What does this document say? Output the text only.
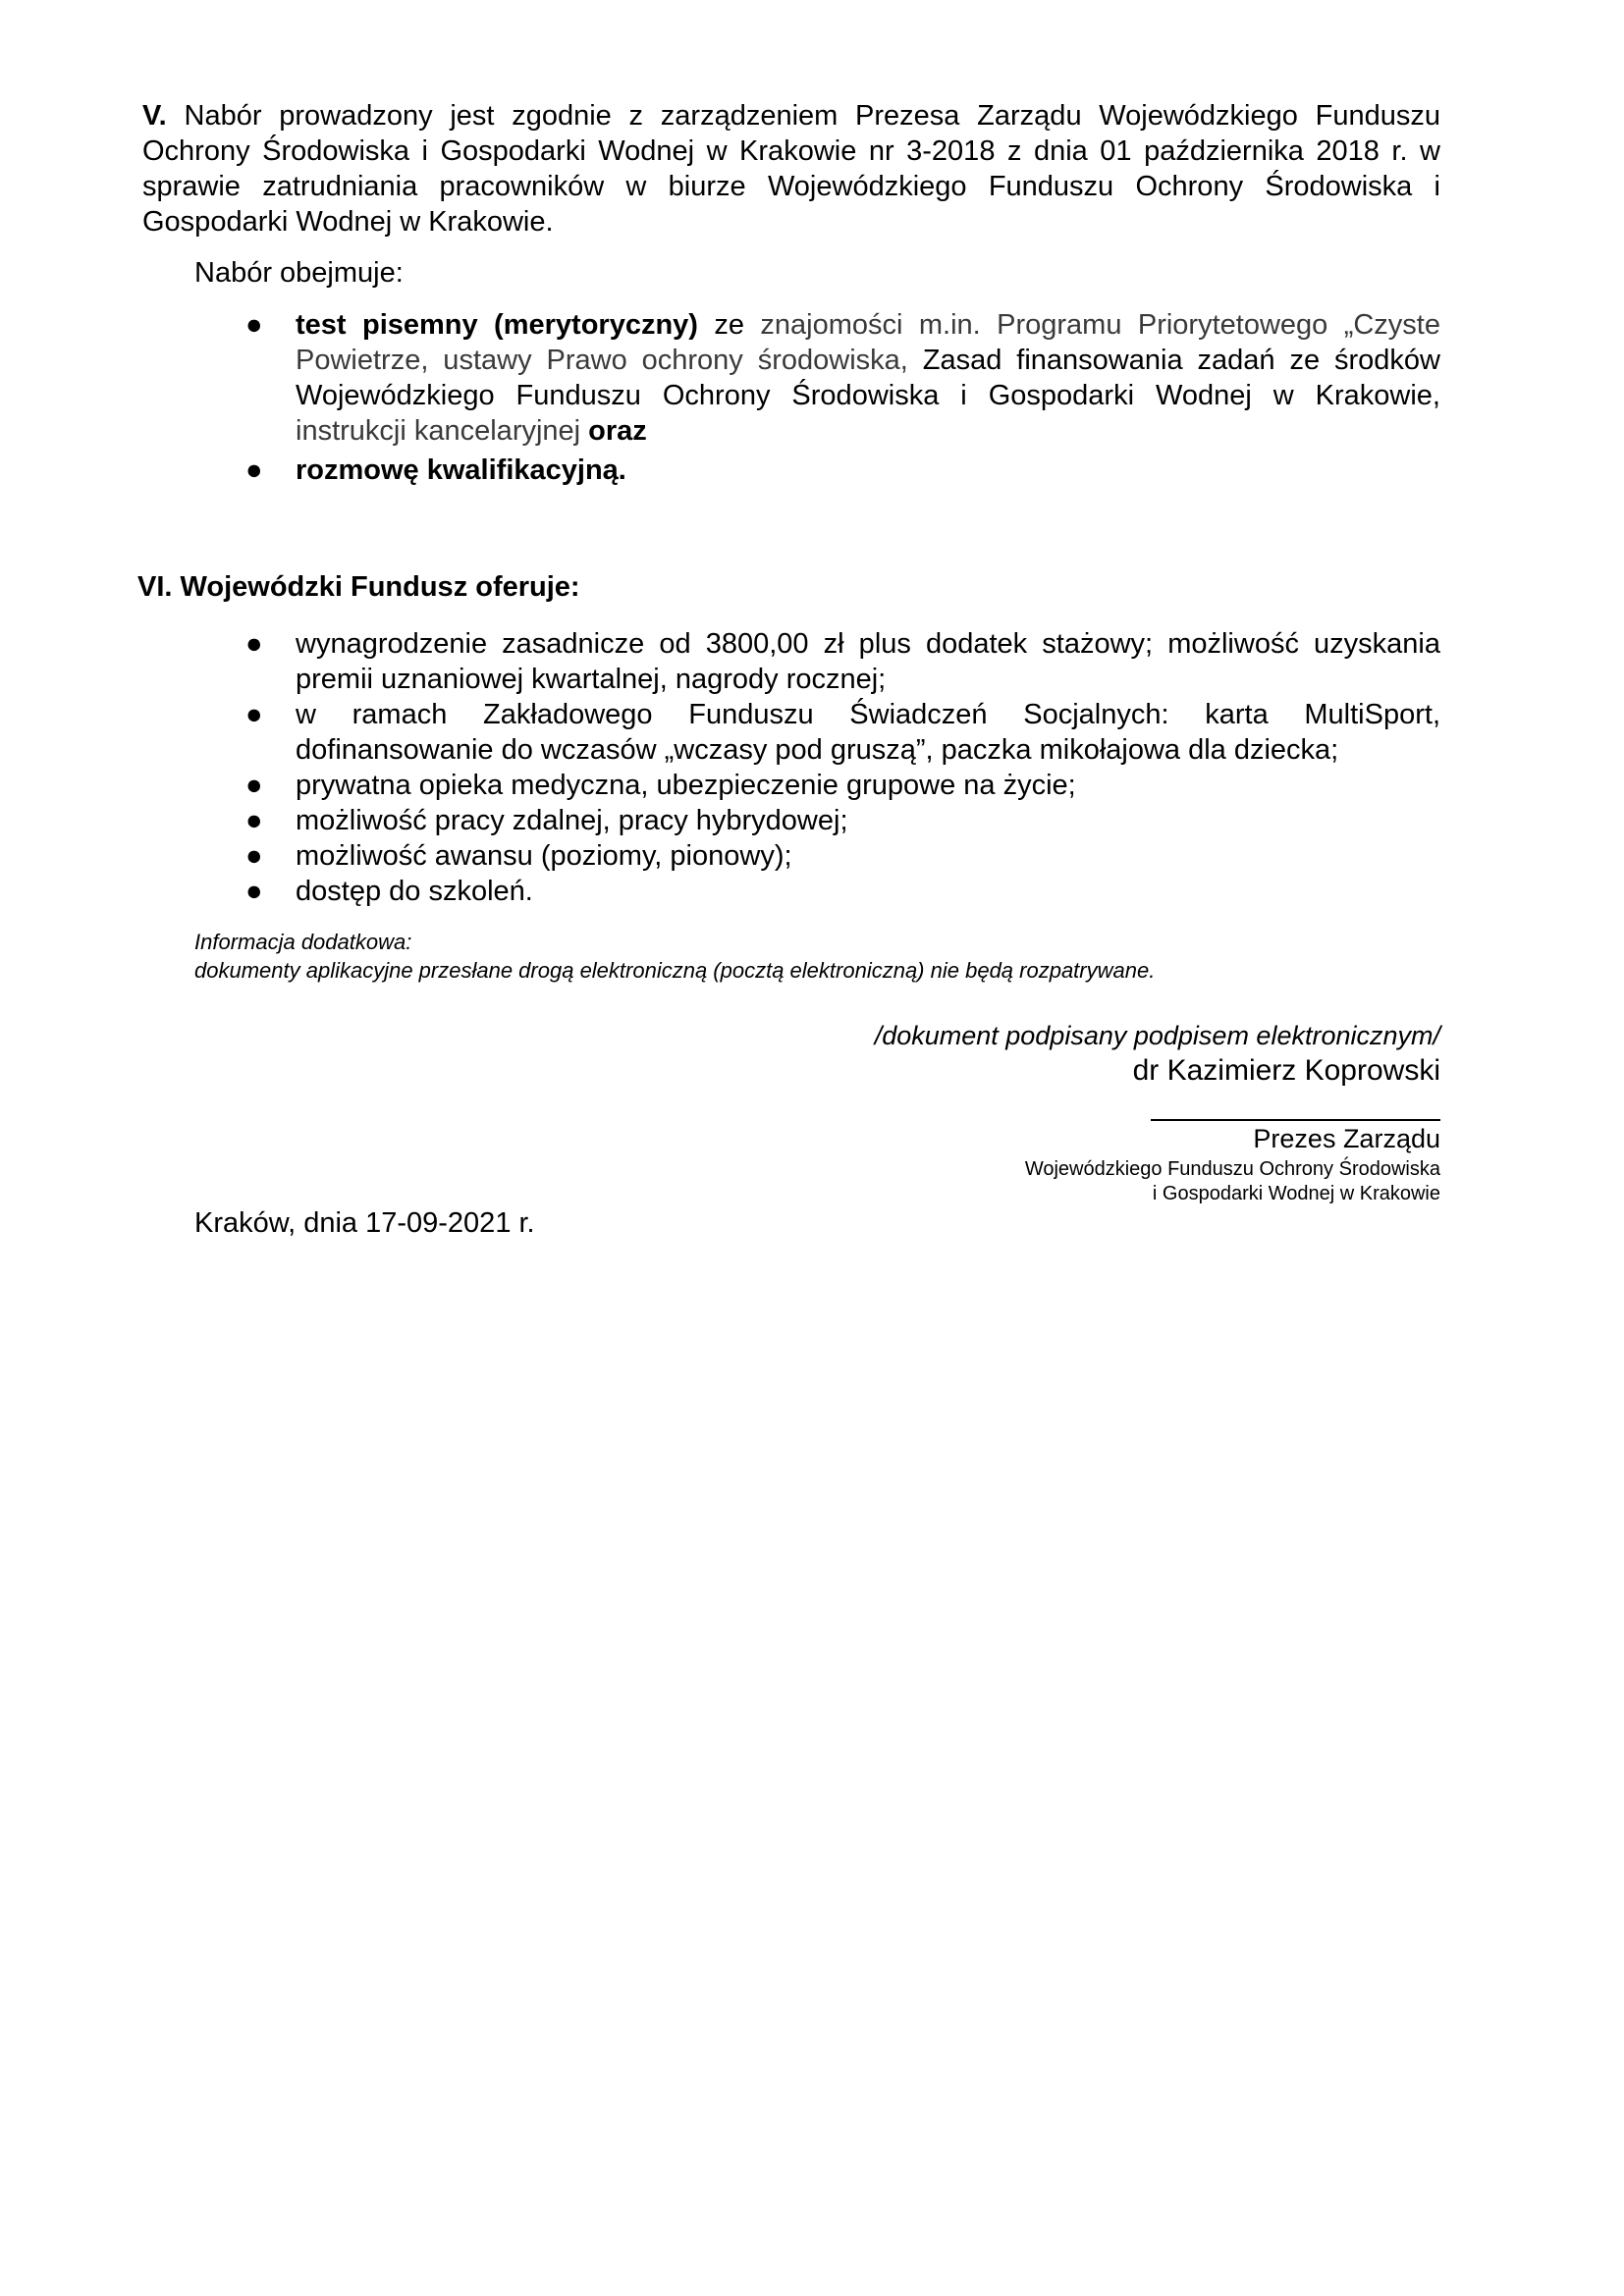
V. Nabór prowadzony jest zgodnie z zarządzeniem Prezesa Zarządu Wojewódzkiego Funduszu Ochrony Środowiska i Gospodarki Wodnej w Krakowie nr 3-2018 z dnia 01 października 2018 r. w sprawie zatrudniania pracowników w biurze Wojewódzkiego Funduszu Ochrony Środowiska i Gospodarki Wodnej w Krakowie.
Nabór obejmuje:
● test pisemny (merytoryczny) ze znajomości m.in. Programu Priorytetowego „Czyste Powietrze, ustawy Prawo ochrony środowiska, Zasad finansowania zadań ze środków Wojewódzkiego Funduszu Ochrony Środowiska i Gospodarki Wodnej w Krakowie, instrukcji kancelaryjnej oraz
● rozmowę kwalifikacyjną.
VI. Wojewódzki Fundusz oferuje:
● wynagrodzenie zasadnicze od 3800,00 zł plus dodatek stażowy; możliwość uzyskania premii uznaniowej kwartalnej, nagrody rocznej;
● w ramach Zakładowego Funduszu Świadczeń Socjalnych: karta MultiSport, dofinansowanie do wczasów „wczasy pod gruszą”, paczka mikołajowa dla dziecka;
● prywatna opieka medyczna, ubezpieczenie grupowe na życie;
● możliwość pracy zdalnej, pracy hybrydowej;
● możliwość awansu (poziomy, pionowy);
● dostęp do szkoleń.
Informacja dodatkowa:
dokumenty aplikacyjne przesłane drogą elektroniczną (pocztą elektroniczną) nie będą rozpatrywane.
/dokument podpisany podpisem elektronicznym/
dr Kazimierz Koprowski
Prezes Zarządu
Wojewódzkiego Funduszu Ochrony Środowiska
i Gospodarki Wodnej w Krakowie
Kraków, dnia 17-09-2021 r.
